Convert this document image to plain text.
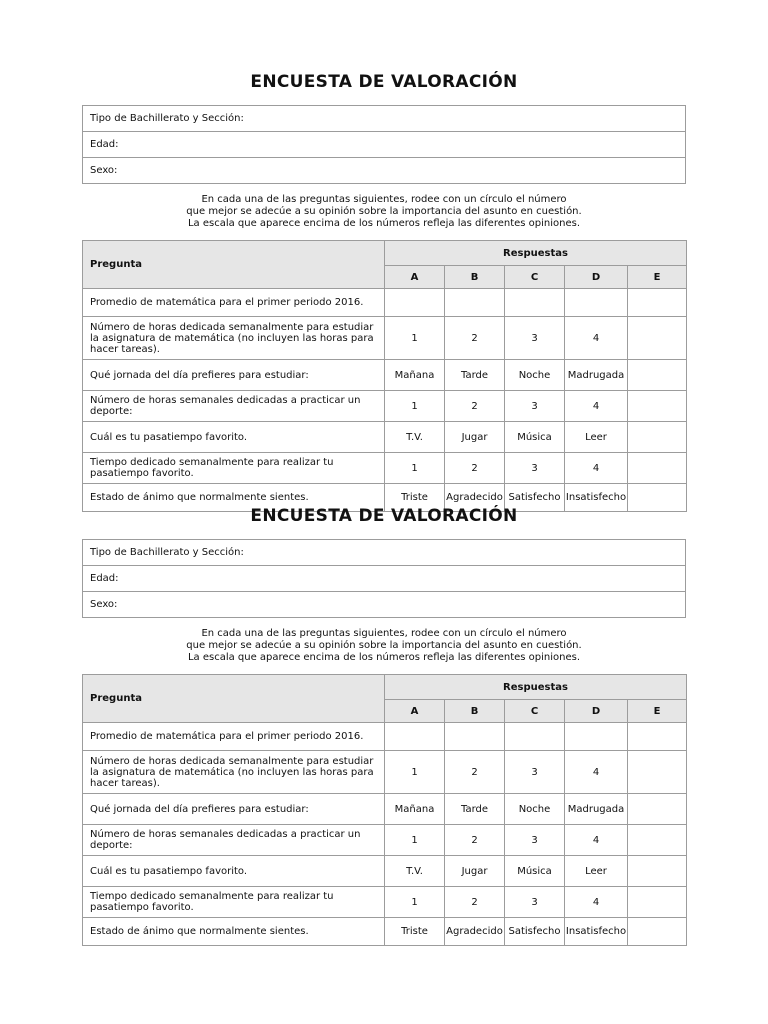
ENCUESTA DE VALORACIÓN
Tipo de Bachillerato y Sección:
Edad:
Sexo:
En cada una de las preguntas siguientes, rodee con un círculo el número
que mejor se adecúe a su opinión sobre la importancia del asunto en cuestión.
La escala que aparece encima de los números refleja las diferentes opiniones.
Pregunta	Respuestas				
	A	B	C	D	E
Promedio de matemática para el primer periodo 2016.					
Número de horas dedicada semanalmente para estudiar la asignatura de matemática (no incluyen las horas para hacer tareas).	1	2	3	4	
Qué jornada del día prefieres para estudiar:	Mañana	Tarde	Noche	Madrugada	
Número de horas semanales dedicadas a practicar un deporte:	1	2	3	4	
Cuál es tu pasatiempo favorito.	T.V.	Jugar	Música	Leer	
Tiempo dedicado semanalmente para realizar tu pasatiempo favorito.	1	2	3	4	
Estado de ánimo que normalmente sientes.	Triste	Agradecido	Satisfecho	Insatisfecho	
ENCUESTA DE VALORACIÓN
Tipo de Bachillerato y Sección:
Edad:
Sexo:
En cada una de las preguntas siguientes, rodee con un círculo el número
que mejor se adecúe a su opinión sobre la importancia del asunto en cuestión.
La escala que aparece encima de los números refleja las diferentes opiniones.
Pregunta	Respuestas				
	A	B	C	D	E
Promedio de matemática para el primer periodo 2016.					
Número de horas dedicada semanalmente para estudiar la asignatura de matemática (no incluyen las horas para hacer tareas).	1	2	3	4	
Qué jornada del día prefieres para estudiar:	Mañana	Tarde	Noche	Madrugada	
Número de horas semanales dedicadas a practicar un deporte:	1	2	3	4	
Cuál es tu pasatiempo favorito.	T.V.	Jugar	Música	Leer	
Tiempo dedicado semanalmente para realizar tu pasatiempo favorito.	1	2	3	4	
Estado de ánimo que normalmente sientes.	Triste	Agradecido	Satisfecho	Insatisfecho	
